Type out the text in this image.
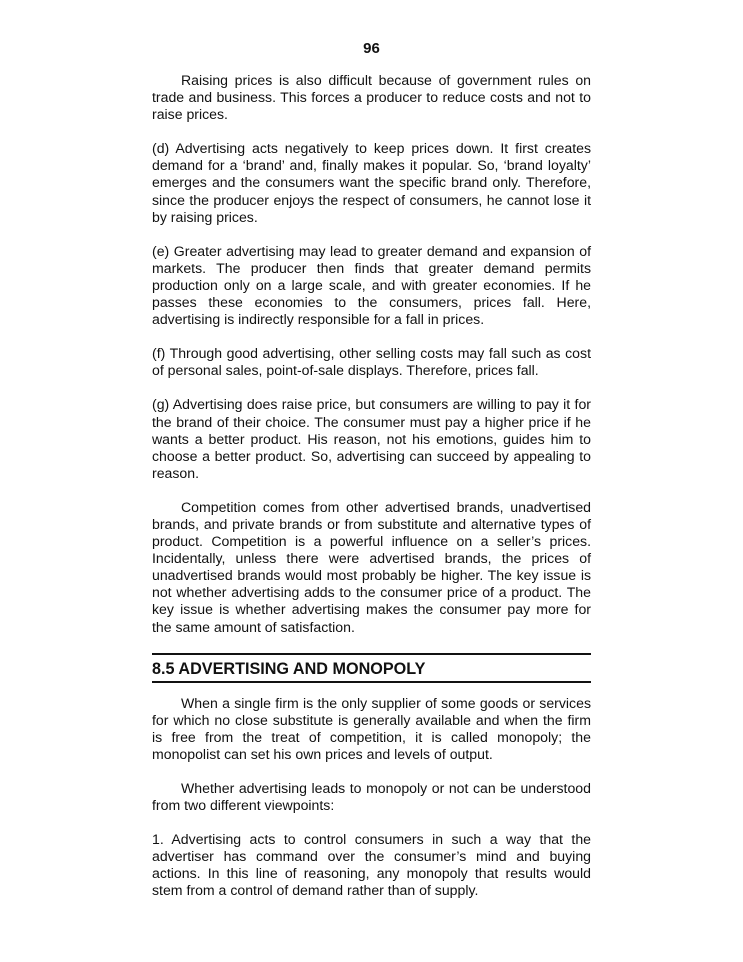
96

Raising prices is also difficult because of government rules on trade and business. This forces a producer to reduce costs and not to raise prices.

(d) Advertising acts negatively to keep prices down. It first creates demand for a ‘brand’ and, finally makes it popular. So, ‘brand loyalty’ emerges and the consumers want the specific brand only. Therefore, since the producer enjoys the respect of consumers, he cannot lose it by raising prices.

(e) Greater advertising may lead to greater demand and expansion of markets. The producer then finds that greater demand permits production only on a large scale, and with greater economies. If he passes these economies to the consumers, prices fall. Here, advertising is indirectly responsible for a fall in prices.

(f) Through good advertising, other selling costs may fall such as cost of personal sales, point-of-sale displays. Therefore, prices fall.

(g) Advertising does raise price, but consumers are willing to pay it for the brand of their choice. The consumer must pay a higher price if he wants a better product. His reason, not his emotions, guides him to choose a better product. So, advertising can succeed by appealing to reason.

Competition comes from other advertised brands, unadvertised brands, and private brands or from substitute and alternative types of product. Competition is a powerful influence on a seller’s prices. Incidentally, unless there were advertised brands, the prices of unadvertised brands would most probably be higher. The key issue is not whether advertising adds to the consumer price of a product. The key issue is whether advertising makes the consumer pay more for the same amount of satisfaction.

8.5 ADVERTISING AND MONOPOLY

When a single firm is the only supplier of some goods or services for which no close substitute is generally available and when the firm is free from the treat of competition, it is called monopoly; the monopolist can set his own prices and levels of output.

Whether advertising leads to monopoly or not can be understood from two different viewpoints:

1. Advertising acts to control consumers in such a way that the advertiser has command over the consumer’s mind and buying actions. In this line of reasoning, any monopoly that results would stem from a control of demand rather than of supply.
